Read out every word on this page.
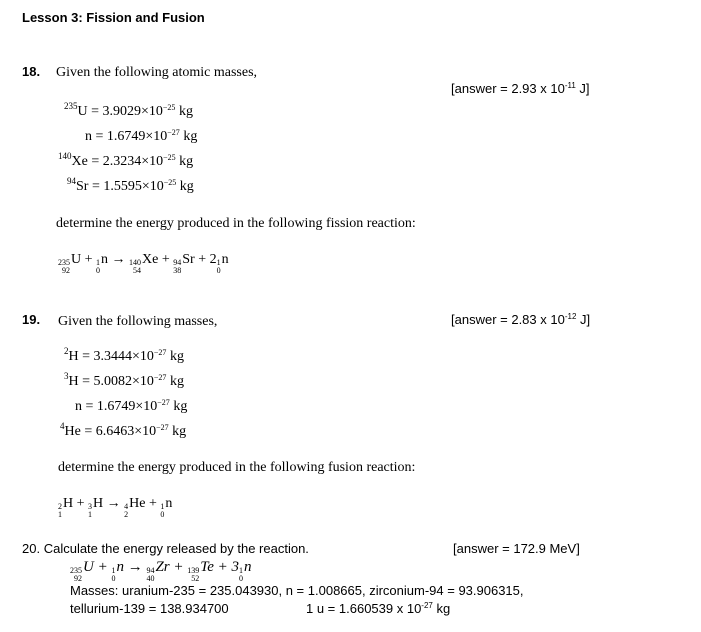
Lesson 3: Fission and Fusion
18. Given the following atomic masses,
[answer = 2.93 x $10^{-11}$ J]
$^{235}U = 3.9029\times 10^{-25}$ kg
$n = 1.6749\times 10^{-27}$ kg
$^{140}Xe = 2.3234\times 10^{-25}$ kg
$^{94}Sr = 1.5595\times 10^{-25}$ kg
determine the energy produced in the following fission reaction:
235
92
U + 1
0
n → 140
54
Xe + 94
38
Sr + 2 1
0
n
19. Given the following masses,	[answer = 2.83 x $10^{-12}$ J]
$^2H = 3.3444\times 10^{-27}$ kg
$^3H = 5.0082\times 10^{-27}$ kg
$n = 1.6749\times 10^{-27}$ kg
$^4He = 6.6463\times 10^{-27}$ kg
determine the energy produced in the following fusion reaction:
2
1
H + 3
1
H → 4
2
He + 1
0
n
20. Calculate the energy released by the reaction.	[answer = 172.9 MeV]
235
92
U + 1
0
n → 94
40
Zr + 139
52
Te + 3 1
0
n
Masses: uranium-235 = 235.043930, n = 1.008665, zirconium-94 = 93.906315,
tellurium-139 = 138.934700	1 u = 1.660539 x $10^{-27}$ kg
